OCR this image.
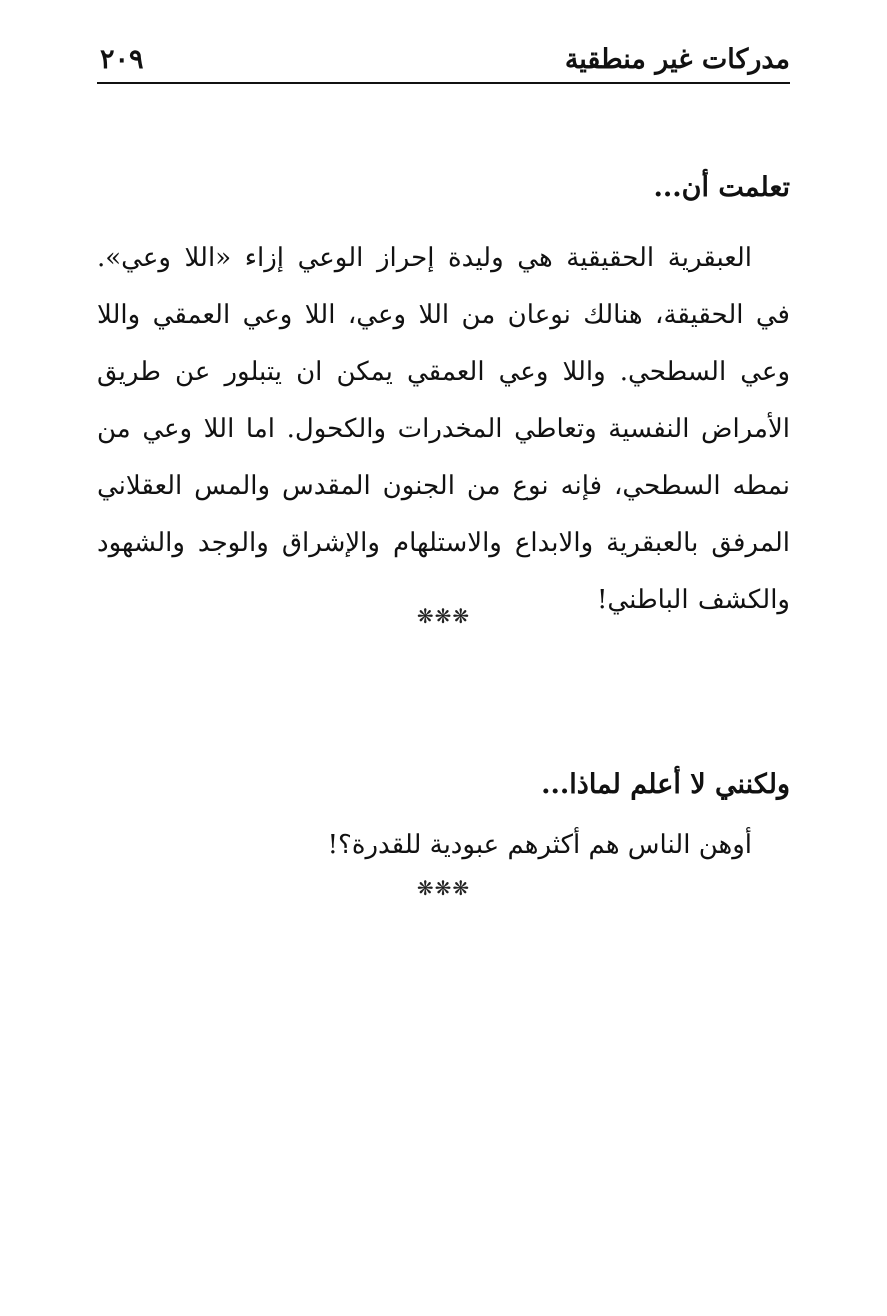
مدركات غير منطقية
٢٠٩
تعلمت أن...

العبقرية الحقيقية هي وليدة إحراز الوعي إزاء «اللا وعي». في الحقيقة، هنالك نوعان من اللا وعي، اللا وعي العمقي واللا وعي السطحي. واللا وعي العمقي يمكن ان يتبلور عن طريق الأمراض النفسية وتعاطي المخدرات والكحول. اما اللا وعي من نمطه السطحي، فإنه نوع من الجنون المقدس والمس العقلاني المرفق بالعبقرية والابداع والاستلهام والإشراق والوجد والشهود والكشف الباطني!

❋❋❋
ولكنني لا أعلم لماذا...

أوهن الناس هم أكثرهم عبودية للقدرة؟!

❋❋❋
